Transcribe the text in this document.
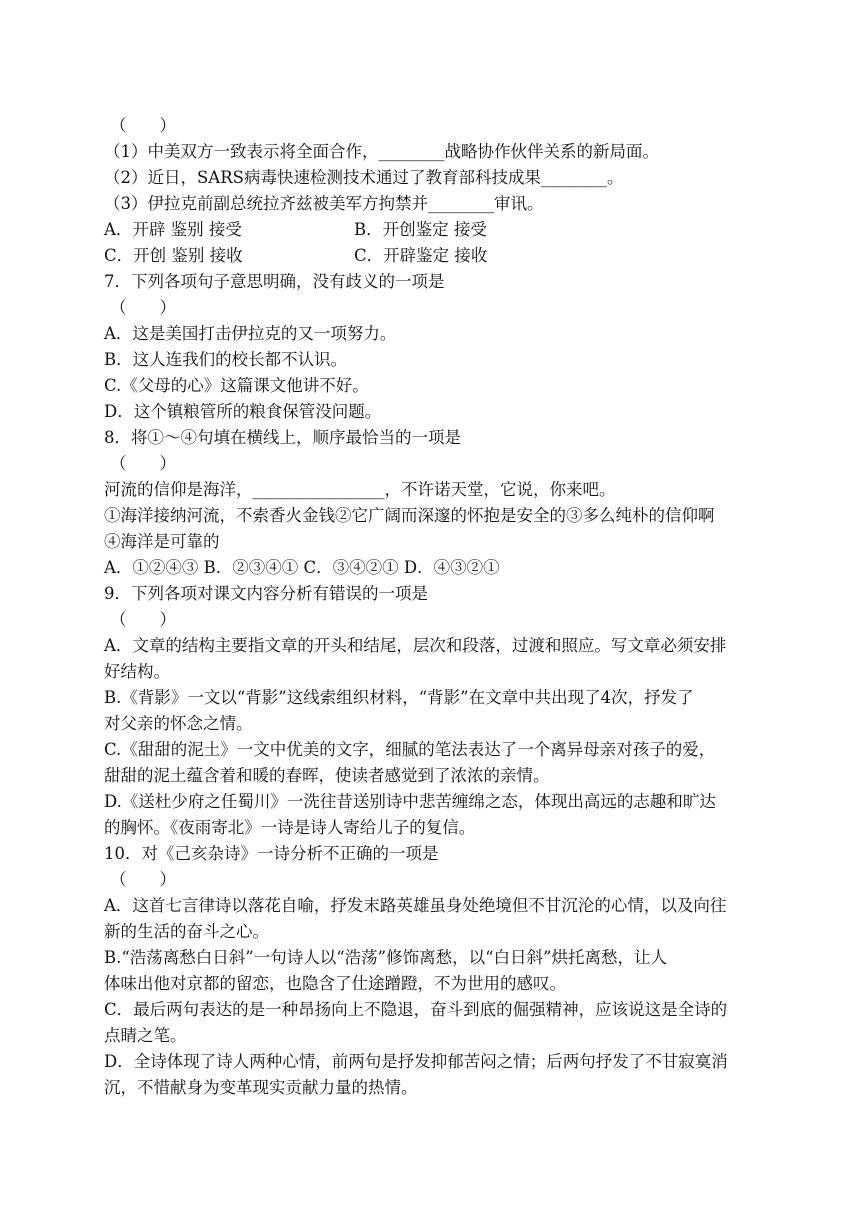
（　　）
（1）中美双方一致表示将全面合作，________战略协作伙伴关系的新局面。
（2）近日，SARS病毒快速检测技术通过了教育部科技成果________。
（3）伊拉克前副总统拉齐兹被美军方拘禁并________审讯。
A．开辟 鉴别 接受	B．开创鉴定 接受
C．开创 鉴别 接收	C．开辟鉴定 接收
7．下列各项句子意思明确，没有歧义的一项是
（　　）
A．这是美国打击伊拉克的又一项努力。
B．这人连我们的校长都不认识。
C.《父母的心》这篇课文他讲不好。
D．这个镇粮管所的粮食保管没问题。
8．将①～④句填在横线上，顺序最恰当的一项是
（　　）
河流的信仰是海洋，________________，不许诺天堂，它说，你来吧。
①海洋接纳河流，不索香火金钱②它广阔而深邃的怀抱是安全的③多么纯朴的信仰啊
④海洋是可靠的
A．①②④③ B．②③④① C．③④②① D．④③②①
9．下列各项对课文内容分析有错误的一项是
（　　）
A．文章的结构主要指文章的开头和结尾，层次和段落，过渡和照应。写文章必须安排
好结构。
B.《背影》一文以“背影”这线索组织材料，“背影”在文章中共出现了4次，抒发了
对父亲的怀念之情。
C.《甜甜的泥土》一文中优美的文字，细腻的笔法表达了一个离异母亲对孩子的爱，
甜甜的泥土蕴含着和暖的春晖，使读者感觉到了浓浓的亲情。
D.《送杜少府之任蜀川》一洗往昔送别诗中悲苦缠绵之态，体现出高远的志趣和旷达
的胸怀。《夜雨寄北》一诗是诗人寄给儿子的复信。
10．对《己亥杂诗》一诗分析不正确的一项是
（　　）
A．这首七言律诗以落花自喻，抒发末路英雄虽身处绝境但不甘沉沦的心情，以及向往
新的生活的奋斗之心。
B.“浩荡离愁白日斜”一句诗人以“浩荡”修饰离愁，以“白日斜”烘托离愁，让人
体味出他对京都的留恋，也隐含了仕途蹭蹬，不为世用的感叹。
C．最后两句表达的是一种昂扬向上不隐退，奋斗到底的倔强精神，应该说这是全诗的
点睛之笔。
D．全诗体现了诗人两种心情，前两句是抒发抑郁苦闷之情；后两句抒发了不甘寂寞消
沉，不惜献身为变革现实贡献力量的热情。
